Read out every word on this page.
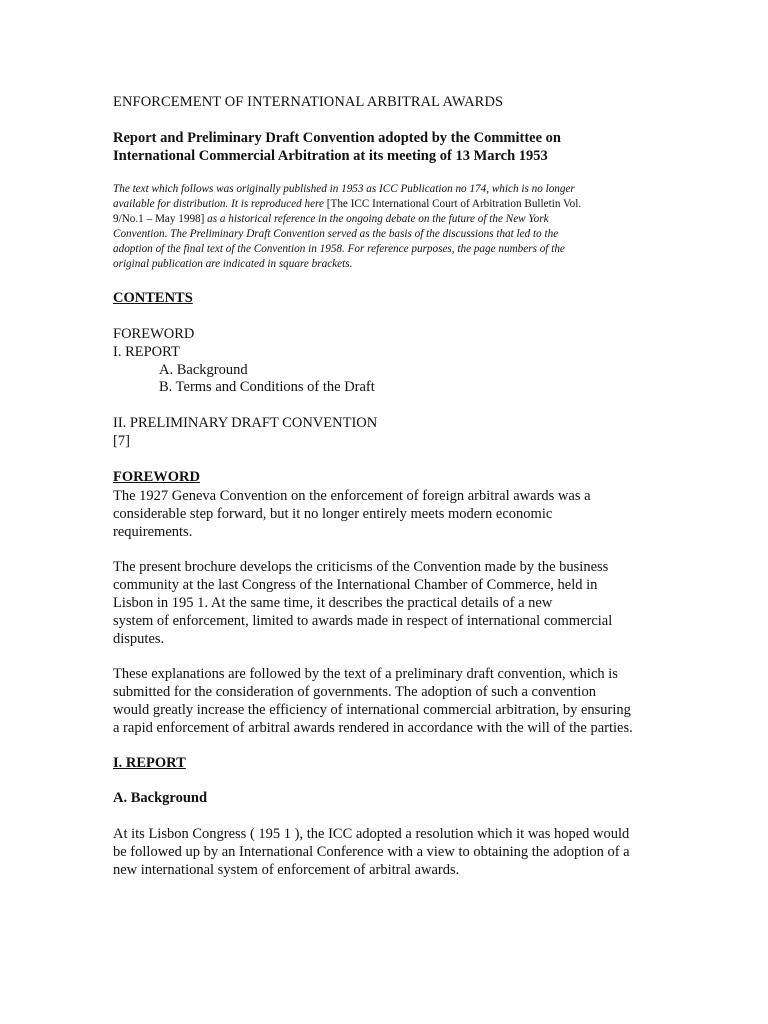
ENFORCEMENT OF INTERNATIONAL ARBITRAL AWARDS
Report and Preliminary Draft Convention adopted by the Committee on
International Commercial Arbitration at its meeting of 13 March 1953
The text which follows was originally published in 1953 as ICC Publication no 174, which is no longer
available for distribution. It is reproduced here [The ICC International Court of Arbitration Bulletin Vol.
9/No.1 – May 1998] as a historical reference in the ongoing debate on the future of the New York
Convention. The Preliminary Draft Convention served as the basis of the discussions that led to the
adoption of the final text of the Convention in 1958. For reference purposes, the page numbers of the
original publication are indicated in square brackets.
CONTENTS
FOREWORD
I. REPORT
A. Background
B. Terms and Conditions of the Draft
II. PRELIMINARY DRAFT CONVENTION
[7]
FOREWORD
The 1927 Geneva Convention on the enforcement of foreign arbitral awards was a
considerable step forward, but it no longer entirely meets modern economic
requirements.
The present brochure develops the criticisms of the Convention made by the business
community at the last Congress of the International Chamber of Commerce, held in
Lisbon in 195 1. At the same time, it describes the practical details of a new
system of enforcement, limited to awards made in respect of international commercial
disputes.
These explanations are followed by the text of a preliminary draft convention, which is
submitted for the consideration of governments. The adoption of such a convention
would greatly increase the efficiency of international commercial arbitration, by ensuring
a rapid enforcement of arbitral awards rendered in accordance with the will of the parties.
I. REPORT
A. Background
At its Lisbon Congress ( 195 1 ), the ICC adopted a resolution which it was hoped would
be followed up by an International Conference with a view to obtaining the adoption of a
new international system of enforcement of arbitral awards.
